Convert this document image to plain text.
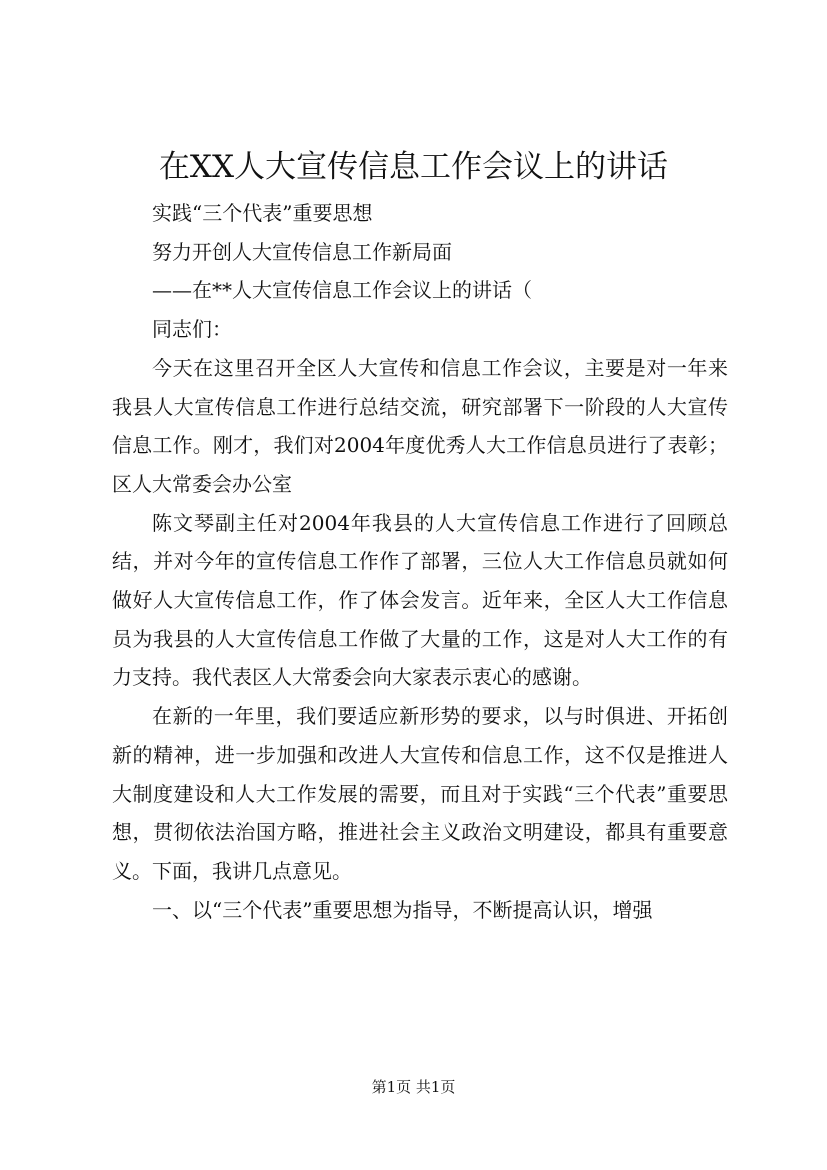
在XX人大宣传信息工作会议上的讲话

实践“三个代表”重要思想

努力开创人大宣传信息工作新局面

——在**人大宣传信息工作会议上的讲话（

同志们：

今天在这里召开全区人大宣传和信息工作会议，主要是对一年来我县人大宣传信息工作进行总结交流，研究部署下一阶段的人大宣传信息工作。刚才，我们对2004年度优秀人大工作信息员进行了表彰；区人大常委会办公室

陈文琴副主任对2004年我县的人大宣传信息工作进行了回顾总结，并对今年的宣传信息工作作了部署，三位人大工作信息员就如何做好人大宣传信息工作，作了体会发言。近年来，全区人大工作信息员为我县的人大宣传信息工作做了大量的工作，这是对人大工作的有力支持。我代表区人大常委会向大家表示衷心的感谢。

在新的一年里，我们要适应新形势的要求，以与时俱进、开拓创新的精神，进一步加强和改进人大宣传和信息工作，这不仅是推进人大制度建设和人大工作发展的需要，而且对于实践“三个代表”重要思想，贯彻依法治国方略，推进社会主义政治文明建设，都具有重要意义。下面，我讲几点意见。

一、以“三个代表”重要思想为指导，不断提高认识，增强

第1页 共1页
